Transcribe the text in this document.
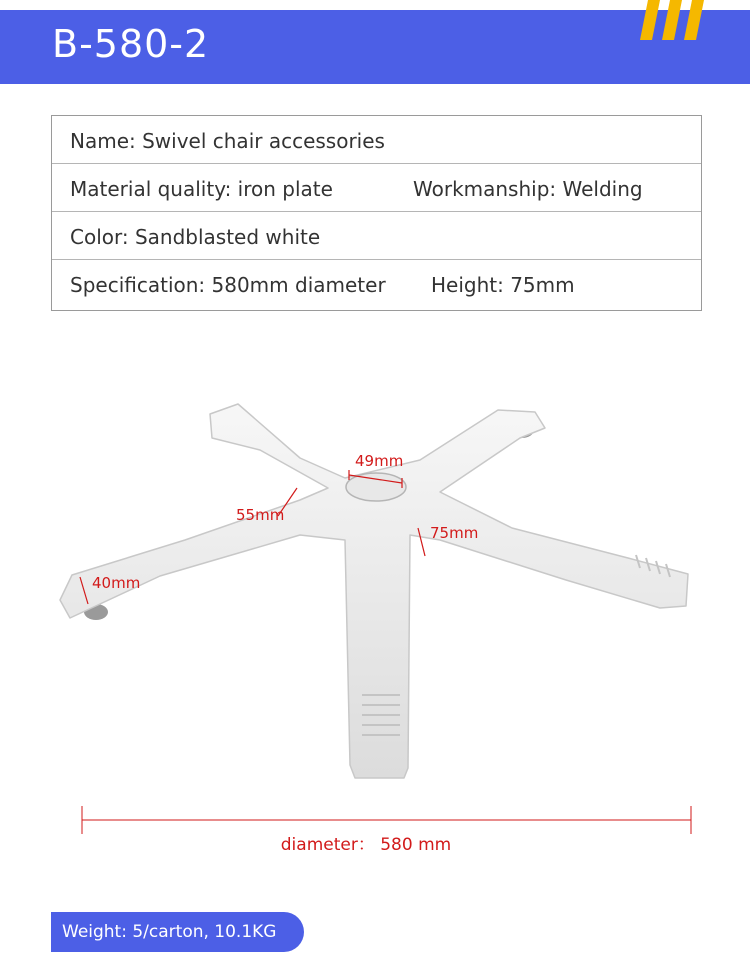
B-580-2
Name: Swivel chair accessories
Material quality: iron plate	Workmanship: Welding
Color: Sandblasted white
Specification: 580mm diameter Height: 75mm
49mm
55mm
75mm
40mm
diameter： 580 mm
Weight: 5/carton, 10.1KG
